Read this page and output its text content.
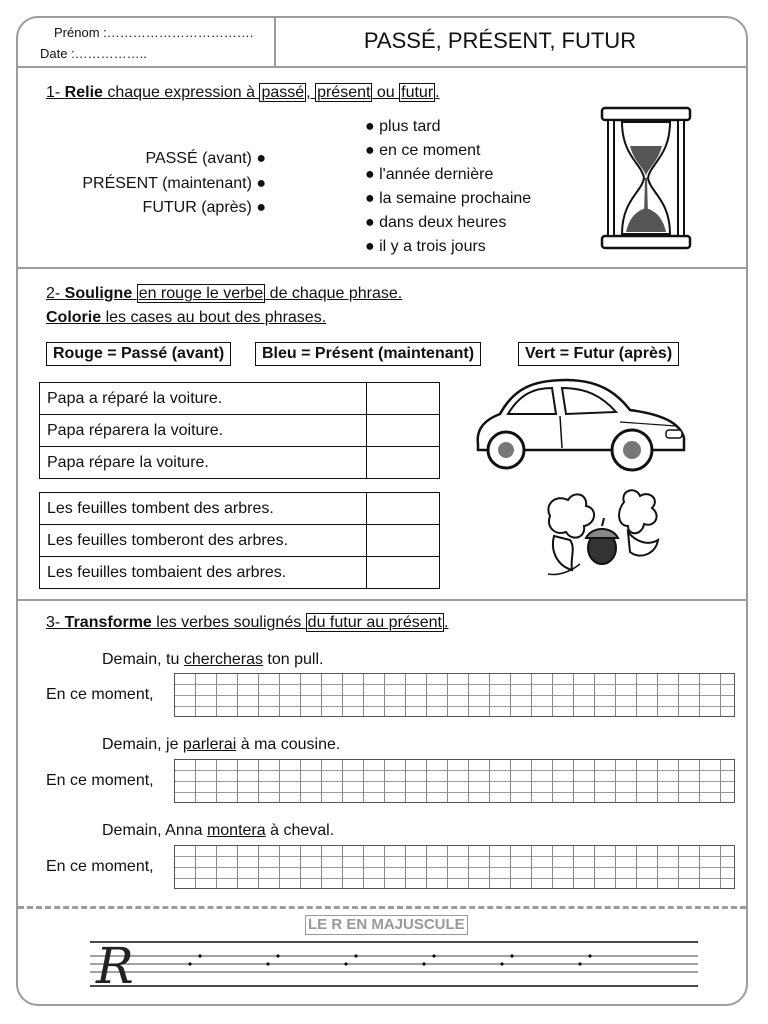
Prénom :…………………………….
Date :……………..
PASSÉ, PRÉSENT, FUTUR
1- Relie chaque expression à passé , présent ou futur .
PASSÉ (avant) ●
PRÉSENT (maintenant) ●
FUTUR (après) ●
● plus tard
● en ce moment
● l'année dernière
● la semaine prochaine
● dans deux heures
● il y a trois jours
2- Souligne en rouge le verbe de chaque phrase.
Colorie les cases au bout des phrases.
Rouge = Passé (avant)	Bleu = Présent (maintenant)	Vert = Futur (après)
Papa a réparé la voiture.	
Papa réparera la voiture.	
Papa répare la voiture.	
Les feuilles tombent des arbres.	
Les feuilles tomberont des arbres.	
Les feuilles tombaient des arbres.	
3- Transforme les verbes soulignés du futur au présent .
Demain, tu chercheras ton pull.
En ce moment,
Demain, je parlerai à ma cousine.
En ce moment,
Demain, Anna montera à cheval.
En ce moment,
LE R EN MAJUSCULE
R
